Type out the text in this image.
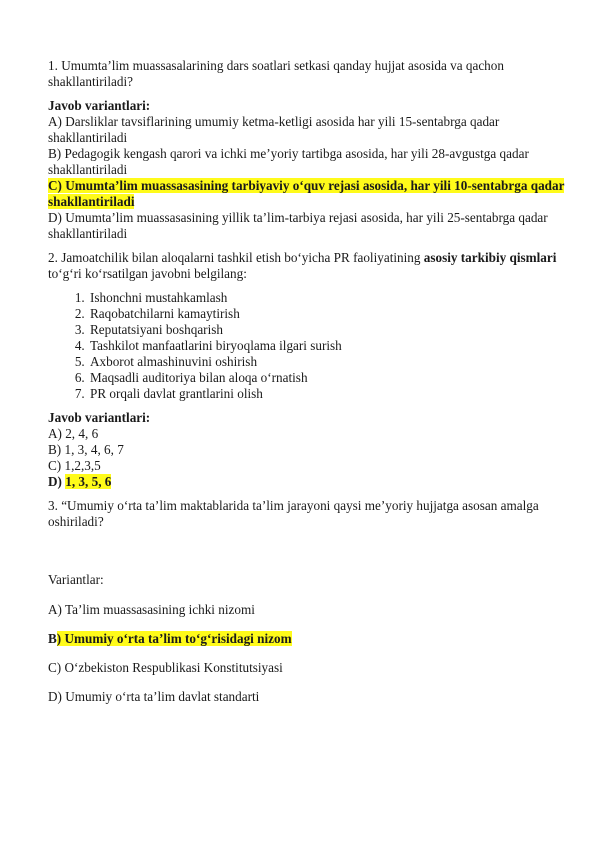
1. Umumta’lim muassasalarining dars soatlari setkasi qanday hujjat asosida va qachon shakllantiriladi?

Javob variantlari:

A) Darsliklar tavsiflarining umumiy ketma-ketligi asosida har yili 15-sentabrga qadar shakllantiriladi

B) Pedagogik kengash qarori va ichki me’yoriy tartibga asosida, har yili 28-avgustga qadar shakllantiriladi

C) Umumta’lim muassasasining tarbiyaviy o‘quv rejasi asosida, har yili 10-sentabrga qadar shakllantiriladi

D) Umumta’lim muassasasining yillik ta’lim-tarbiya rejasi asosida, har yili 25-sentabrga qadar shakllantiriladi

2. Jamoatchilik bilan aloqalarni tashkil etish bo‘yicha PR faoliyatining asosiy tarkibiy qismlari to‘g‘ri ko‘rsatilgan javobni belgilang:

1. Ishonchni mustahkamlash
2. Raqobatchilarni kamaytirish
3. Reputatsiyani boshqarish
4. Tashkilot manfaatlarini biryoqlama ilgari surish
5. Axborot almashinuvini oshirish
6. Maqsadli auditoriya bilan aloqa o‘rnatish
7. PR orqali davlat grantlarini olish

Javob variantlari:

A) 2, 4, 6

B) 1, 3, 4, 6, 7

C) 1,2,3,5

D) 1, 3, 5, 6

3. “Umumiy o‘rta ta’lim maktablarida ta’lim jarayoni qaysi me’yoriy hujjatga asosan amalga oshiriladi?

Variantlar:

A) Ta’lim muassasasining ichki nizomi

B) Umumiy o‘rta ta’lim to‘g‘risidagi nizom

C) O‘zbekiston Respublikasi Konstitutsiyasi

D) Umumiy o‘rta ta’lim davlat standarti
